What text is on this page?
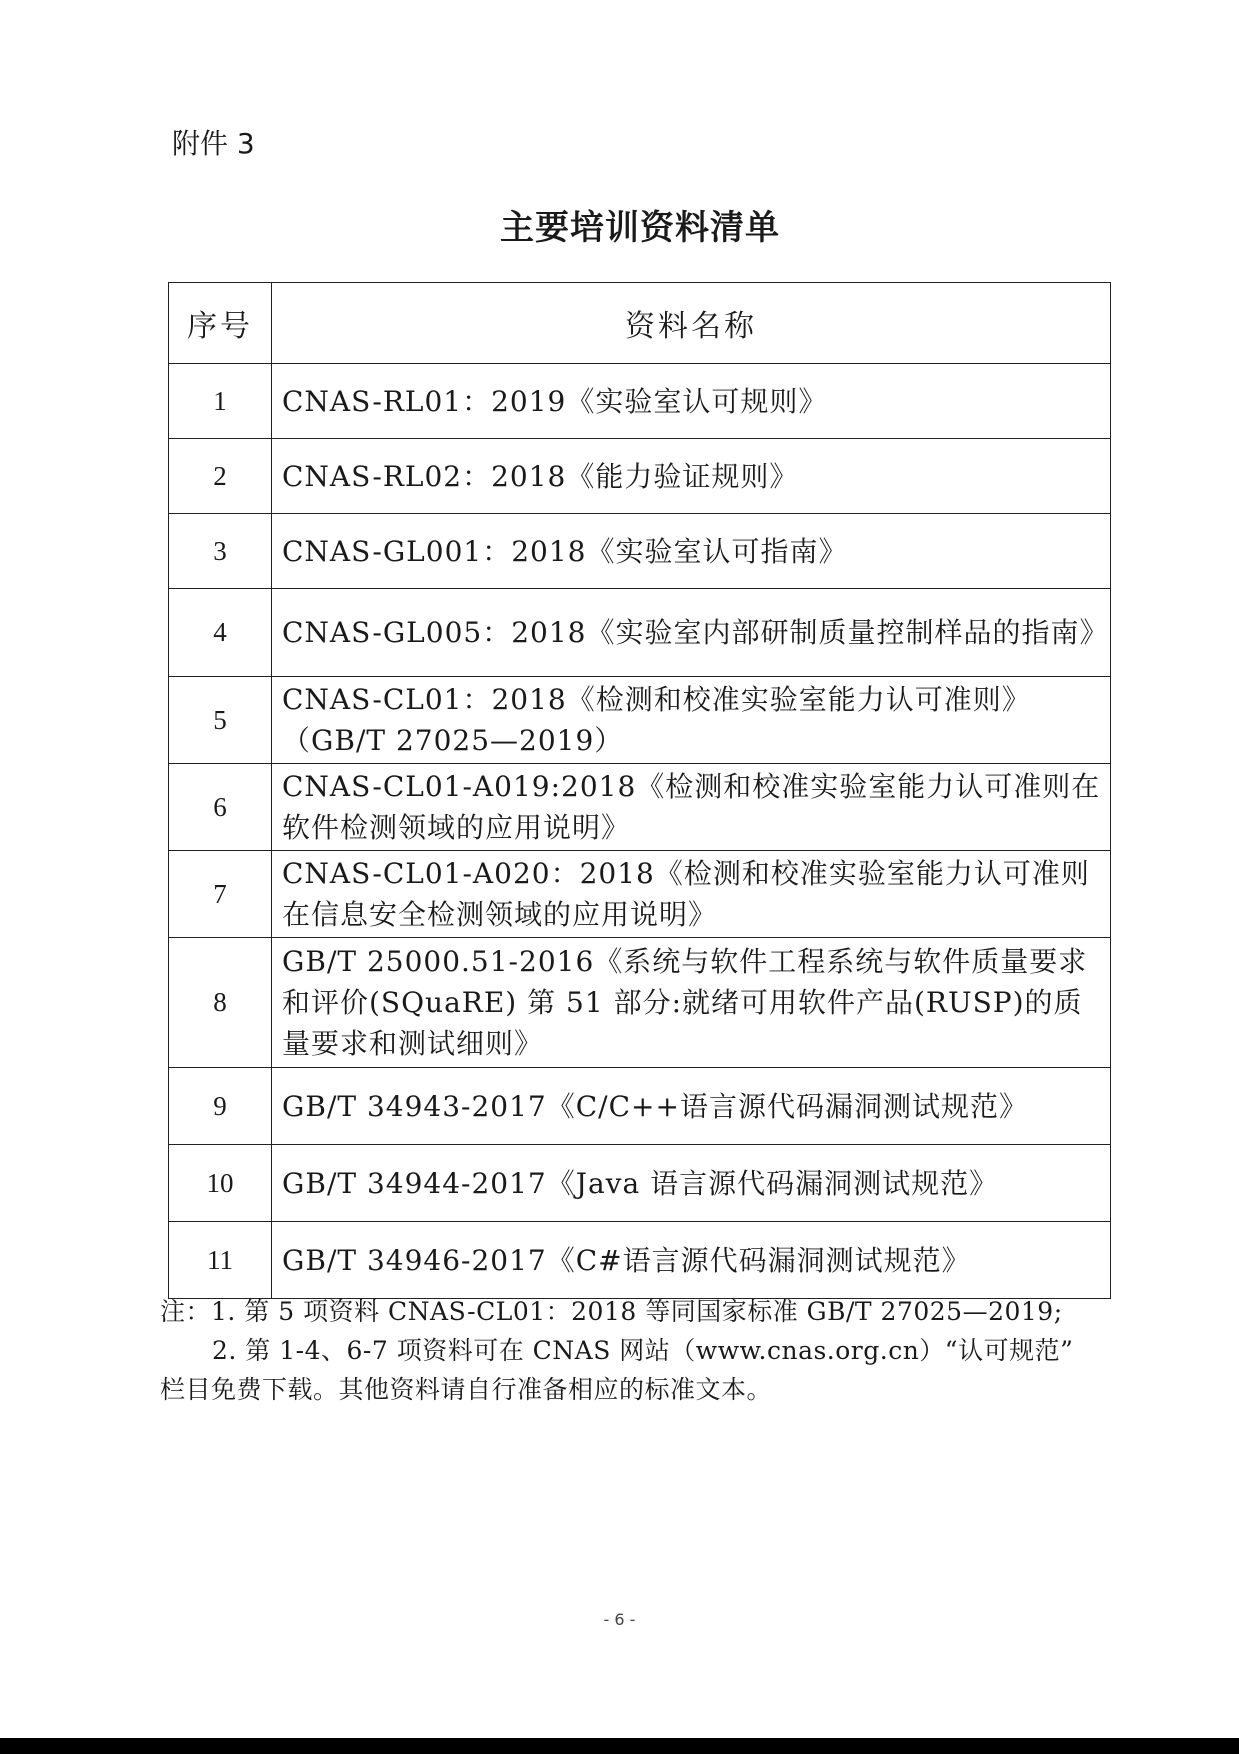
附件 3
主要培训资料清单
序号	资料名称
1	CNAS-RL01：2019《实验室认可规则》
2	CNAS-RL02：2018《能力验证规则》
3	CNAS-GL001：2018《实验室认可指南》
4	CNAS-GL005：2018《实验室内部研制质量控制样品的指南》
5	CNAS-CL01：2018《检测和校准实验室能力认可准则》（GB/T 27025—2019）
6	CNAS-CL01-A019:2018《检测和校准实验室能力认可准则在软件检测领域的应用说明》
7	CNAS-CL01-A020：2018《检测和校准实验室能力认可准则在信息安全检测领域的应用说明》
8	GB/T 25000.51-2016《系统与软件工程系统与软件质量要求和评价(SQuaRE) 第 51 部分:就绪可用软件产品(RUSP)的质量要求和测试细则》
9	GB/T 34943-2017《C/C++语言源代码漏洞测试规范》
10	GB/T 34944-2017《Java 语言源代码漏洞测试规范》
11	GB/T 34946-2017《C#语言源代码漏洞测试规范》

注：1. 第 5 项资料 CNAS-CL01：2018 等同国家标准 GB/T 27025—2019;

2. 第 1-4、6-7 项资料可在 CNAS 网站（www.cnas.org.cn）“认可规范”

栏目免费下载。其他资料请自行准备相应的标准文本。

- 6 -
